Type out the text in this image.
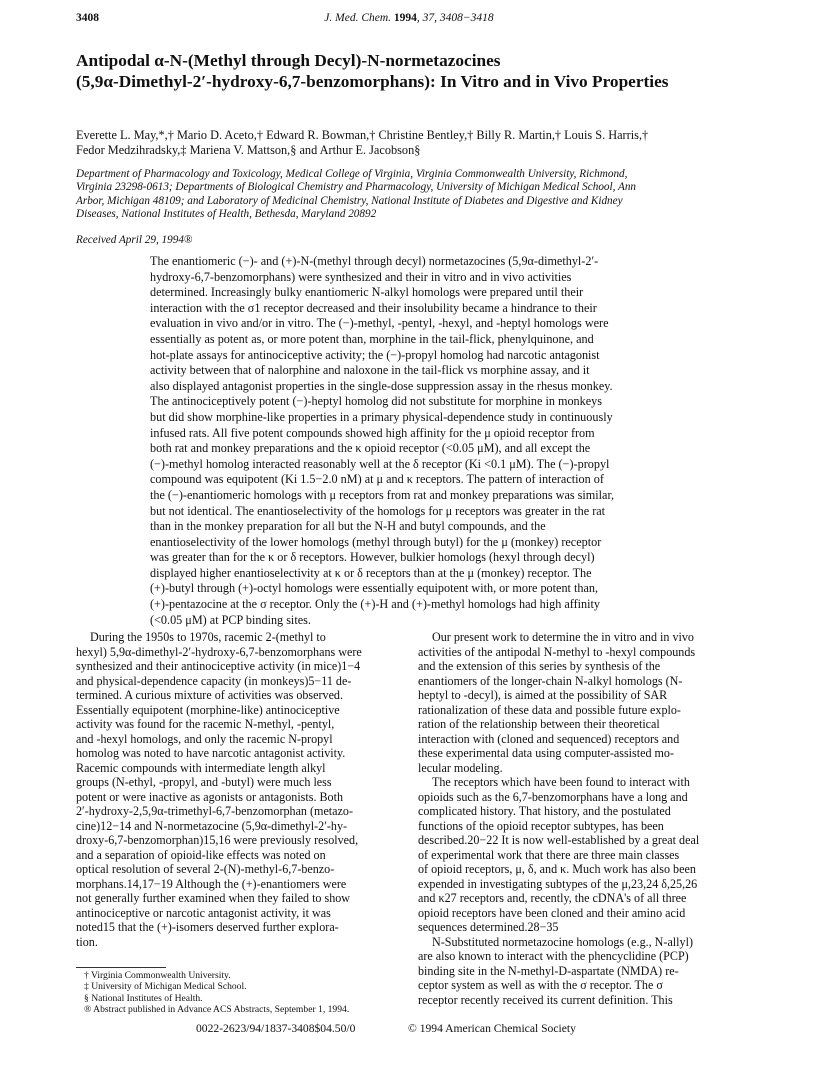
3408	J. Med. Chem. 1994, 37, 3408−3418
Antipodal α-N-(Methyl through Decyl)-N-normetazocines
(5,9α-Dimethyl-2′-hydroxy-6,7-benzomorphans): In Vitro and in Vivo Properties
Everette L. May,*,† Mario D. Aceto,† Edward R. Bowman,† Christine Bentley,† Billy R. Martin,† Louis S. Harris,†
Fedor Medzihradsky,‡ Mariena V. Mattson,§ and Arthur E. Jacobson§
Department of Pharmacology and Toxicology, Medical College of Virginia, Virginia Commonwealth University, Richmond,
Virginia 23298-0613; Departments of Biological Chemistry and Pharmacology, University of Michigan Medical School, Ann
Arbor, Michigan 48109; and Laboratory of Medicinal Chemistry, National Institute of Diabetes and Digestive and Kidney
Diseases, National Institutes of Health, Bethesda, Maryland 20892
Received April 29, 1994®
The enantiomeric (−)- and (+)-N-(methyl through decyl) normetazocines (5,9α-dimethyl-2′-
hydroxy-6,7-benzomorphans) were synthesized and their in vitro and in vivo activities
determined. Increasingly bulky enantiomeric N-alkyl homologs were prepared until their
interaction with the σ1 receptor decreased and their insolubility became a hindrance to their
evaluation in vivo and/or in vitro. The (−)-methyl, -pentyl, -hexyl, and -heptyl homologs were
essentially as potent as, or more potent than, morphine in the tail-flick, phenylquinone, and
hot-plate assays for antinociceptive activity; the (−)-propyl homolog had narcotic antagonist
activity between that of nalorphine and naloxone in the tail-flick vs morphine assay, and it
also displayed antagonist properties in the single-dose suppression assay in the rhesus monkey.
The antinociceptively potent (−)-heptyl homolog did not substitute for morphine in monkeys
but did show morphine-like properties in a primary physical-dependence study in continuously
infused rats. All five potent compounds showed high affinity for the μ opioid receptor from
both rat and monkey preparations and the κ opioid receptor (<0.05 μM), and all except the
(−)-methyl homolog interacted reasonably well at the δ receptor (Ki <0.1 μM). The (−)-propyl
compound was equipotent (Ki 1.5−2.0 nM) at μ and κ receptors. The pattern of interaction of
the (−)-enantiomeric homologs with μ receptors from rat and monkey preparations was similar,
but not identical. The enantioselectivity of the homologs for μ receptors was greater in the rat
than in the monkey preparation for all but the N-H and butyl compounds, and the
enantioselectivity of the lower homologs (methyl through butyl) for the μ (monkey) receptor
was greater than for the κ or δ receptors. However, bulkier homologs (hexyl through decyl)
displayed higher enantioselectivity at κ or δ receptors than at the μ (monkey) receptor. The
(+)-butyl through (+)-octyl homologs were essentially equipotent with, or more potent than,
(+)-pentazocine at the σ receptor. Only the (+)-H and (+)-methyl homologs had high affinity
(<0.05 μM) at PCP binding sites.
During the 1950s to 1970s, racemic 2-(methyl to
hexyl) 5,9α-dimethyl-2′-hydroxy-6,7-benzomorphans were
synthesized and their antinociceptive activity (in mice)1−4
and physical-dependence capacity (in monkeys)5−11 de-
termined. A curious mixture of activities was observed.
Essentially equipotent (morphine-like) antinociceptive
activity was found for the racemic N-methyl, -pentyl,
and -hexyl homologs, and only the racemic N-propyl
homolog was noted to have narcotic antagonist activity.
Racemic compounds with intermediate length alkyl
groups (N-ethyl, -propyl, and -butyl) were much less
potent or were inactive as agonists or antagonists. Both
2′-hydroxy-2,5,9α-trimethyl-6,7-benzomorphan (metazo-
cine)12−14 and N-normetazocine (5,9α-dimethyl-2′-hy-
droxy-6,7-benzomorphan)15,16 were previously resolved,
and a separation of opioid-like effects was noted on
optical resolution of several 2-(N)-methyl-6,7-benzo-
morphans.14,17−19 Although the (+)-enantiomers were
not generally further examined when they failed to show
antinociceptive or narcotic antagonist activity, it was
noted15 that the (+)-isomers deserved further explora-
tion.
Our present work to determine the in vitro and in vivo
activities of the antipodal N-methyl to -hexyl compounds
and the extension of this series by synthesis of the
enantiomers of the longer-chain N-alkyl homologs (N-
heptyl to -decyl), is aimed at the possibility of SAR
rationalization of these data and possible future explo-
ration of the relationship between their theoretical
interaction with (cloned and sequenced) receptors and
these experimental data using computer-assisted mo-
lecular modeling.
The receptors which have been found to interact with
opioids such as the 6,7-benzomorphans have a long and
complicated history. That history, and the postulated
functions of the opioid receptor subtypes, has been
described.20−22 It is now well-established by a great deal
of experimental work that there are three main classes
of opioid receptors, μ, δ, and κ. Much work has also been
expended in investigating subtypes of the μ,23,24 δ,25,26
and κ27 receptors and, recently, the cDNA's of all three
opioid receptors have been cloned and their amino acid
sequences determined.28−35
N-Substituted normetazocine homologs (e.g., N-allyl)
are also known to interact with the phencyclidine (PCP)
binding site in the N-methyl-D-aspartate (NMDA) re-
ceptor system as well as with the σ receptor. The σ
receptor recently received its current definition. This
† Virginia Commonwealth University.
‡ University of Michigan Medical School.
§ National Institutes of Health.
® Abstract published in Advance ACS Abstracts, September 1, 1994.
0022-2623/94/1837-3408$04.50/0	© 1994 American Chemical Society
